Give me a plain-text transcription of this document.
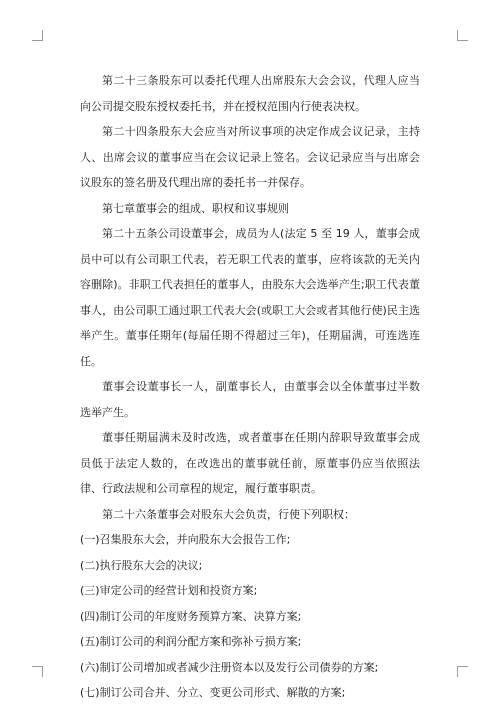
第二十三条股东可以委托代理人出席股东大会会议，代理人应当向公司提交股东授权委托书，并在授权范围内行使表决权。

第二十四条股东大会应当对所议事项的决定作成会议记录，主持人、出席会议的董事应当在会议记录上签名。会议记录应当与出席会议股东的签名册及代理出席的委托书一并保存。

第七章董事会的组成、职权和议事规则

第二十五条公司设董事会，成员为人(法定 5 至 19 人，董事会成员中可以有公司职工代表，若无职工代表的董事，应将该款的无关内容删除)。非职工代表担任的董事人，由股东大会选举产生;职工代表董事人，由公司职工通过职工代表大会(或职工大会或者其他行使)民主选举产生。董事任期年(每届任期不得超过三年)，任期届满，可连选连任。

董事会设董事长一人，副董事长人，由董事会以全体董事过半数选举产生。

董事任期届满未及时改选，或者董事在任期内辞职导致董事会成员低于法定人数的，在改选出的董事就任前，原董事仍应当依照法律、行政法规和公司章程的规定，履行董事职责。

第二十六条董事会对股东大会负责，行使下列职权：

(一)召集股东大会，并向股东大会报告工作;

(二)执行股东大会的决议;

(三)审定公司的经营计划和投资方案;

(四)制订公司的年度财务预算方案、决算方案;

(五)制订公司的利润分配方案和弥补亏损方案;

(六)制订公司增加或者减少注册资本以及发行公司债券的方案;

(七)制订公司合并、分立、变更公司形式、解散的方案;
